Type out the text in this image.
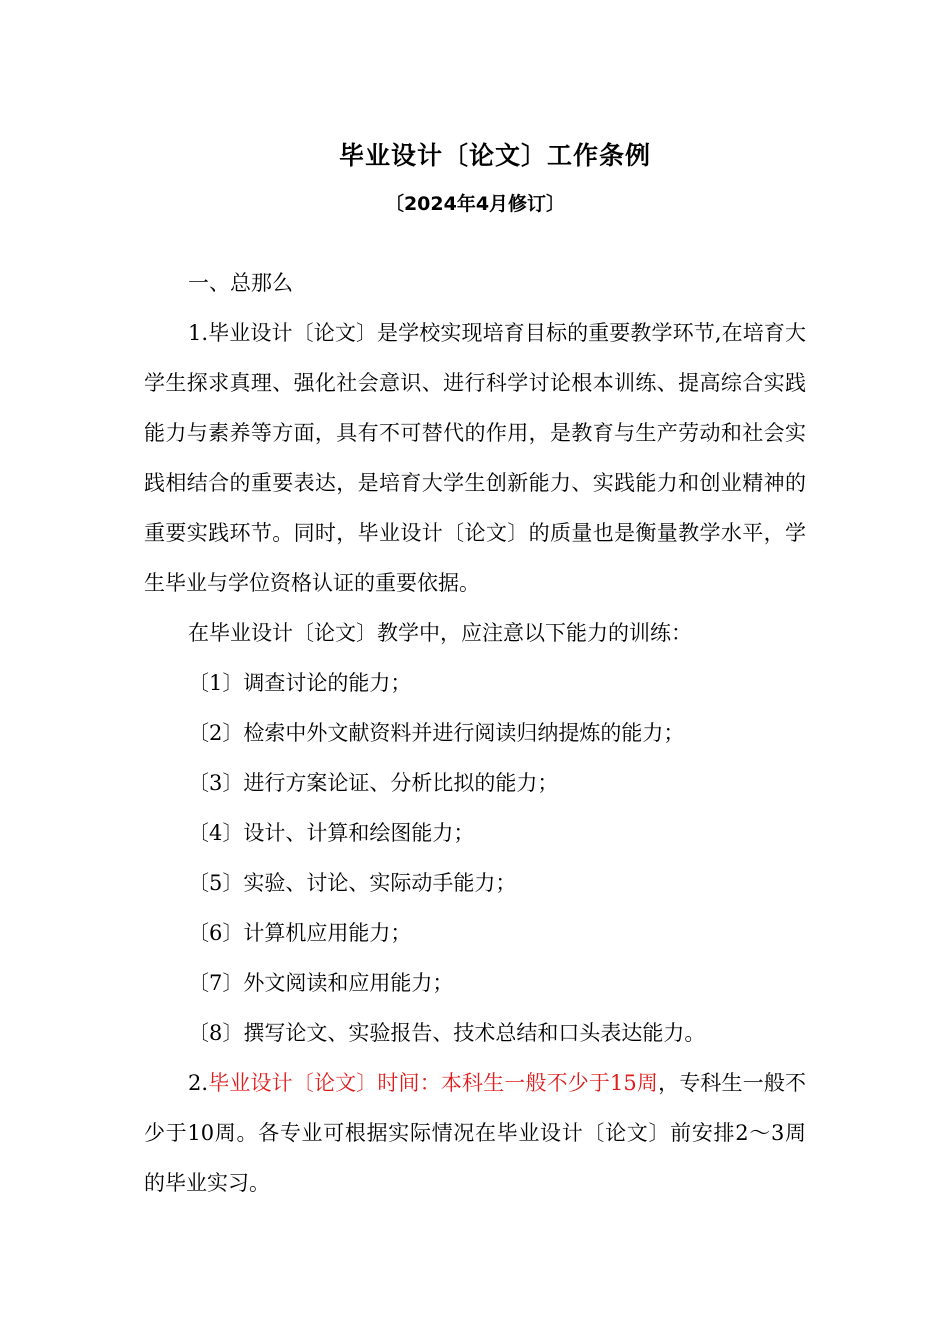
毕业设计〔论文〕工作条例
〔2024年4月修订〕

一、总那么

1.毕业设计〔论文〕是学校实现培育目标的重要教学环节,在培育大学生探求真理、强化社会意识、进行科学讨论根本训练、提高综合实践能力与素养等方面，具有不可替代的作用，是教育与生产劳动和社会实践相结合的重要表达，是培育大学生创新能力、实践能力和创业精神的重要实践环节。同时，毕业设计〔论文〕的质量也是衡量教学水平，学生毕业与学位资格认证的重要依据。

在毕业设计〔论文〕教学中，应注意以下能力的训练：

〔1〕调查讨论的能力；

〔2〕检索中外文献资料并进行阅读归纳提炼的能力；

〔3〕进行方案论证、分析比拟的能力；

〔4〕设计、计算和绘图能力；

〔5〕实验、讨论、实际动手能力；

〔6〕计算机应用能力；

〔7〕外文阅读和应用能力；

〔8〕撰写论文、实验报告、技术总结和口头表达能力。

2.毕业设计〔论文〕时间：本科生一般不少于15周，专科生一般不少于10周。各专业可根据实际情况在毕业设计〔论文〕前安排2～3周的毕业实习。
